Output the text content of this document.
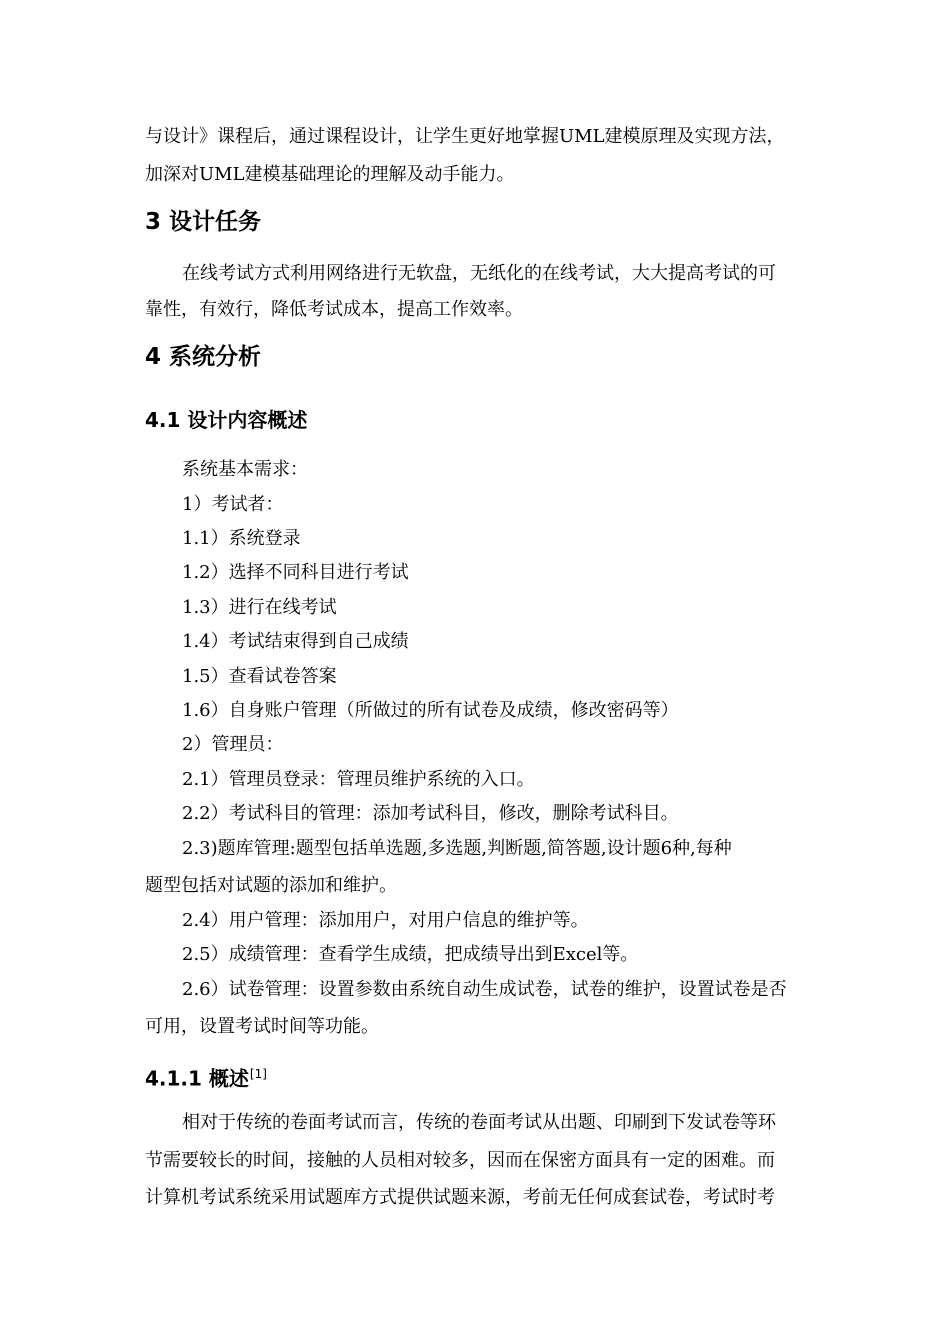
与设计》课程后，通过课程设计，让学生更好地掌握UML建模原理及实现方法，

加深对UML建模基础理论的理解及动手能力。

3 设计任务

在线考试方式利用网络进行无软盘，无纸化的在线考试，大大提高考试的可

靠性，有效行，降低考试成本，提高工作效率。

4 系统分析
4.1 设计内容概述

系统基本需求：

1）考试者：

1.1）系统登录

1.2）选择不同科目进行考试

1.3）进行在线考试

1.4）考试结束得到自己成绩

1.5）查看试卷答案

1.6）自身账户管理（所做过的所有试卷及成绩，修改密码等）

2）管理员：

2.1）管理员登录：管理员维护系统的入口。

2.2）考试科目的管理：添加考试科目，修改，删除考试科目。

2.3)题库管理:题型包括单选题,多选题,判断题,简答题,设计题6种,每种

题型包括对试题的添加和维护。

2.4）用户管理：添加用户，对用户信息的维护等。

2.5）成绩管理：查看学生成绩，把成绩导出到Excel等。

2.6）试卷管理：设置参数由系统自动生成试卷，试卷的维护，设置试卷是否

可用，设置考试时间等功能。

4.1.1 概述[1]

相对于传统的卷面考试而言，传统的卷面考试从出题、印刷到下发试卷等环

节需要较长的时间，接触的人员相对较多，因而在保密方面具有一定的困难。而

计算机考试系统采用试题库方式提供试题来源，考前无任何成套试卷，考试时考
